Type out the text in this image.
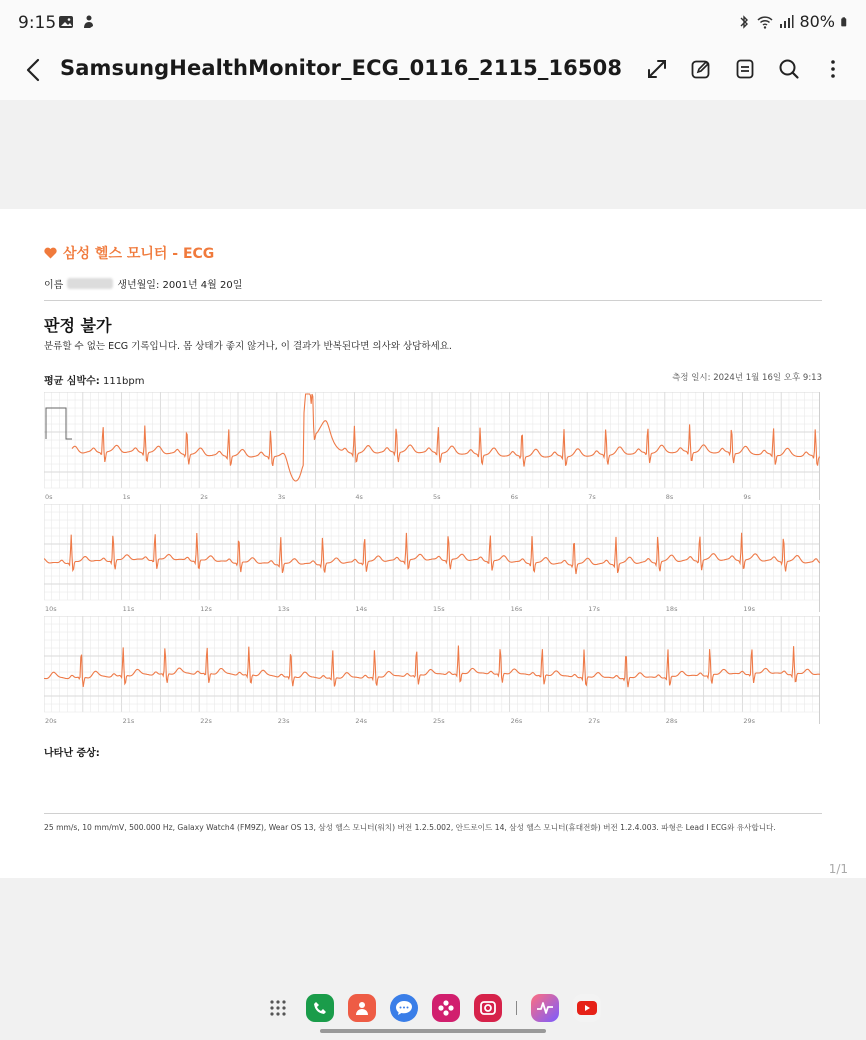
9:15	80%
SamsungHealthMonitor_ECG_0116_2115_16508
삼성 헬스 모니터 - ECG
이름	생년월일: 2001년 4월 20일
판정 불가
분류할 수 없는 ECG 기록입니다. 몸 상태가 좋지 않거나, 이 결과가 반복된다면 의사와 상담하세요.
평균 심박수: 111bpm	측정 일시: 2024년 1월 16일 오후 9:13
0s	1s	2s	3s	4s	5s	6s	7s	8s	9s
10s	11s	12s	13s	14s	15s	16s	17s	18s	19s
20s	21s	22s	23s	24s	25s	26s	27s	28s	29s
나타난 증상:
25 mm/s, 10 mm/mV, 500.000 Hz, Galaxy Watch4 (FM9Z), Wear OS 13, 삼성 헬스 모니터(워치) 버전 1.2.5.002, 안드로이드 14, 삼성 헬스 모니터(휴대전화) 버전 1.2.4.003. 파형은 Lead I ECG와 유사합니다.
1/1
